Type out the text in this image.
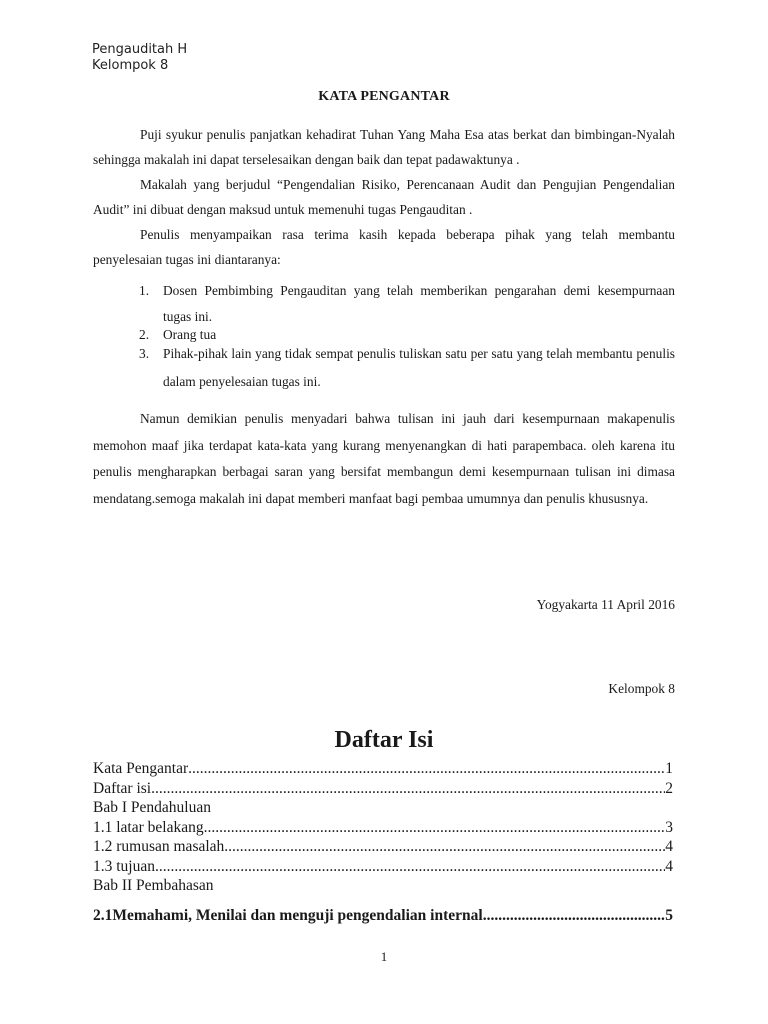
Pengauditah H
Kelompok 8
KATA PENGANTAR

Puji syukur penulis panjatkan kehadirat Tuhan Yang Maha Esa atas berkat dan bimbingan-Nyalah sehingga makalah ini dapat terselesaikan dengan baik dan tepat padawaktunya .

Makalah yang berjudul “Pengendalian Risiko, Perencanaan Audit dan Pengujian Pengendalian Audit” ini dibuat dengan maksud untuk memenuhi tugas Pengauditan .

Penulis menyampaikan rasa terima kasih kepada beberapa pihak yang telah membantu penyelesaian tugas ini diantaranya:

1. Dosen Pembimbing Pengauditan yang telah memberikan pengarahan demi kesempurnaan tugas ini.
2. Orang tua
3. Pihak-pihak lain yang tidak sempat penulis tuliskan satu per satu yang telah membantu penulis dalam penyelesaian tugas ini.

Namun demikian penulis menyadari bahwa tulisan ini jauh dari kesempurnaan makapenulis memohon maaf jika terdapat kata-kata yang kurang menyenangkan di hati parapembaca. oleh karena itu penulis mengharapkan berbagai saran yang bersifat membangun demi kesempurnaan tulisan ini dimasa mendatang.semoga makalah ini dapat memberi manfaat bagi pembaa umumnya dan penulis khususnya.

Yogyakarta 11 April 2016
Kelompok 8
Daftar Isi
Kata Pengantar .....	1
Daftar isi .....	2
Bab I Pendahuluan
1.1 latar belakang .....	3
1.2 rumusan masalah .....	4
1.3 tujuan .....	4
Bab II Pembahasan
2.1Memahami, Menilai dan menguji pengendalian internal .....	5
1
